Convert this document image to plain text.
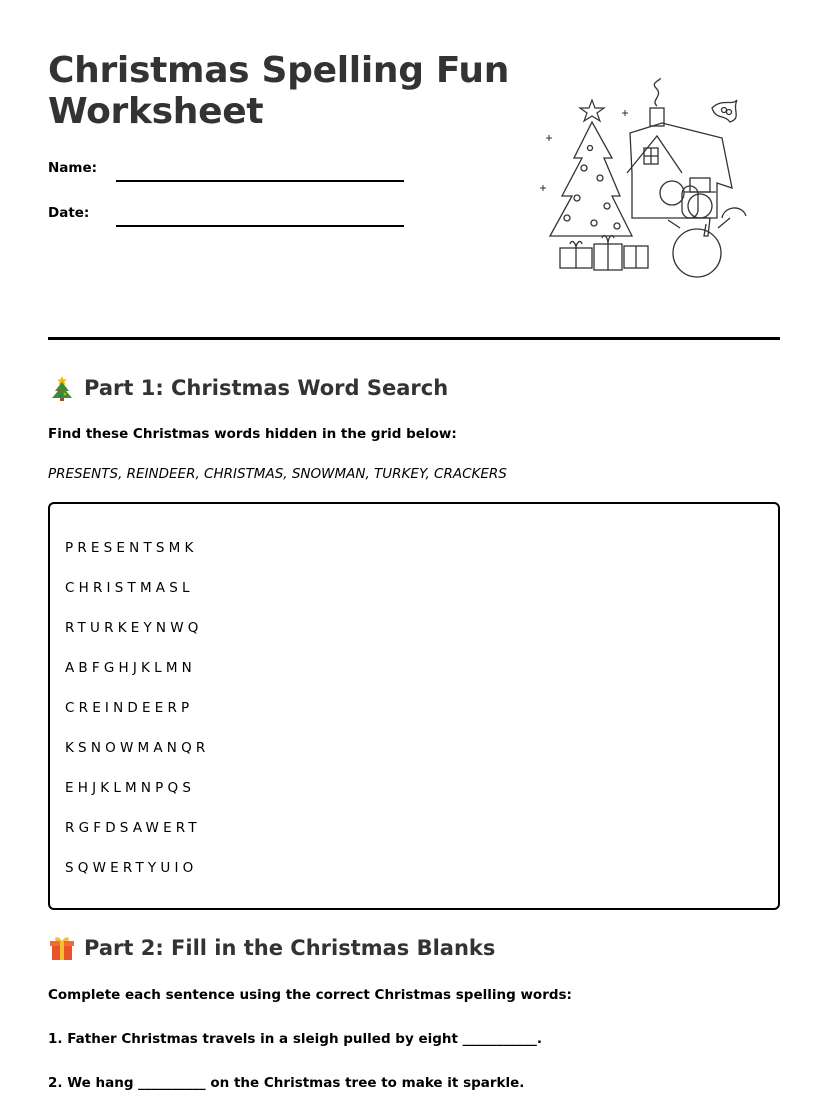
Christmas Spelling Fun Worksheet
Name:
Date:
Part 1: Christmas Word Search
Find these Christmas words hidden in the grid below:
PRESENTS, REINDEER, CHRISTMAS, SNOWMAN, TURKEY, CRACKERS
PRESENTSMK
CHRISTMASL
RTURKEYNWQ
ABFGHJKLMN
CREINDEERP
KSNOWMANQR
EHJKLMNPQS
RGFDSAWERT
SQWERTYUIO
Part 2: Fill in the Christmas Blanks
Complete each sentence using the correct Christmas spelling words:
1. Father Christmas travels in a sleigh pulled by eight ___________.
2. We hang __________ on the Christmas tree to make it sparkle.
